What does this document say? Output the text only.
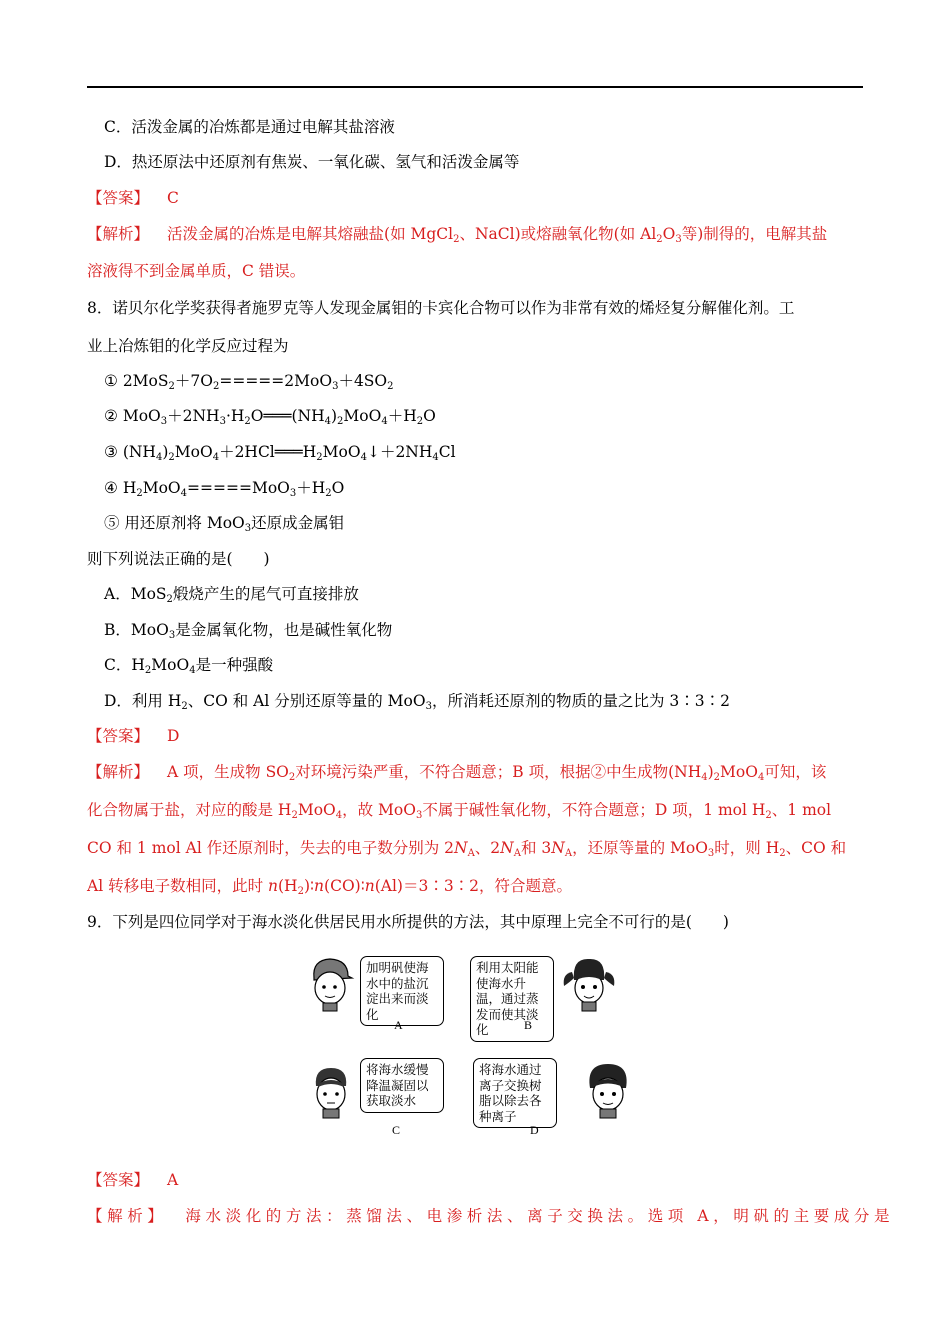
C．活泼金属的冶炼都是通过电解其盐溶液
D．热还原法中还原剂有焦炭、一氧化碳、氢气和活泼金属等
【答案】 C
【解析】 活泼金属的冶炼是电解其熔融盐(如 MgCl$_2$、NaCl)或熔融氧化物(如 $Al_2O_3$等)制得的，电解其盐
溶液得不到金属单质，C 错误。
8．诺贝尔化学奖获得者施罗克等人发现金属钼的卡宾化合物可以作为非常有效的烯烃复分解催化剂。工
业上冶炼钼的化学反应过程为
① $2MoS_2+7O_2=====2MoO_3+4SO_2$
② $MoO_3+2NH_3\cdot H_2O═══(NH_4)_2MoO_4+H_2O$
③ $(NH_4)_2MoO_4+2HCl═══H_2MoO_4↓+2NH_4Cl$
④ $H_2MoO_4=====MoO_3+H_2O$
⑤ 用还原剂将 MoO$_3$还原成金属钼
则下列说法正确的是(　　)
A．MoS$_2$煅烧产生的尾气可直接排放
B．MoO$_3$是金属氧化物，也是碱性氧化物
C．$H_2MoO_4$是一种强酸
D．利用 $H_2$、CO 和 Al 分别还原等量的 MoO$_3$，所消耗还原剂的物质的量之比为 3∶3∶2
【答案】 D
【解析】 A 项，生成物 $SO_2$对环境污染严重，不符合题意；B 项，根据②中生成物$(NH_4)_2MoO_4$可知，该
化合物属于盐，对应的酸是 $H_2MoO_4$，故 MoO$_3$不属于碱性氧化物，不符合题意；D 项，1 mol $H_2$、1 mol
CO 和 1 mol Al 作还原剂时，失去的电子数分别为 $2N_A$、$2N_A$和 $3N_A$，还原等量的 MoO$_3$时，则 $H_2$、CO 和
Al 转移电子数相同，此时 $n(H_2)∶n(CO)∶n(Al)=3∶3∶2$，符合题意。
9．下列是四位同学对于海水淡化供居民用水所提供的方法，其中原理上完全不可行的是(　　)
加明矾使海水中的盐沉淀出来而淡化
A
利用太阳能使海水升温，通过蒸发而使其淡化	B
将海水缓慢降温凝固以获取淡水
C
将海水通过离子交换树脂以除去各种离子
D
【答案】 A
【解析】 海水淡化的方法：蒸馏法、电渗析法、离子交换法。选项 A，明矾的主要成分是
